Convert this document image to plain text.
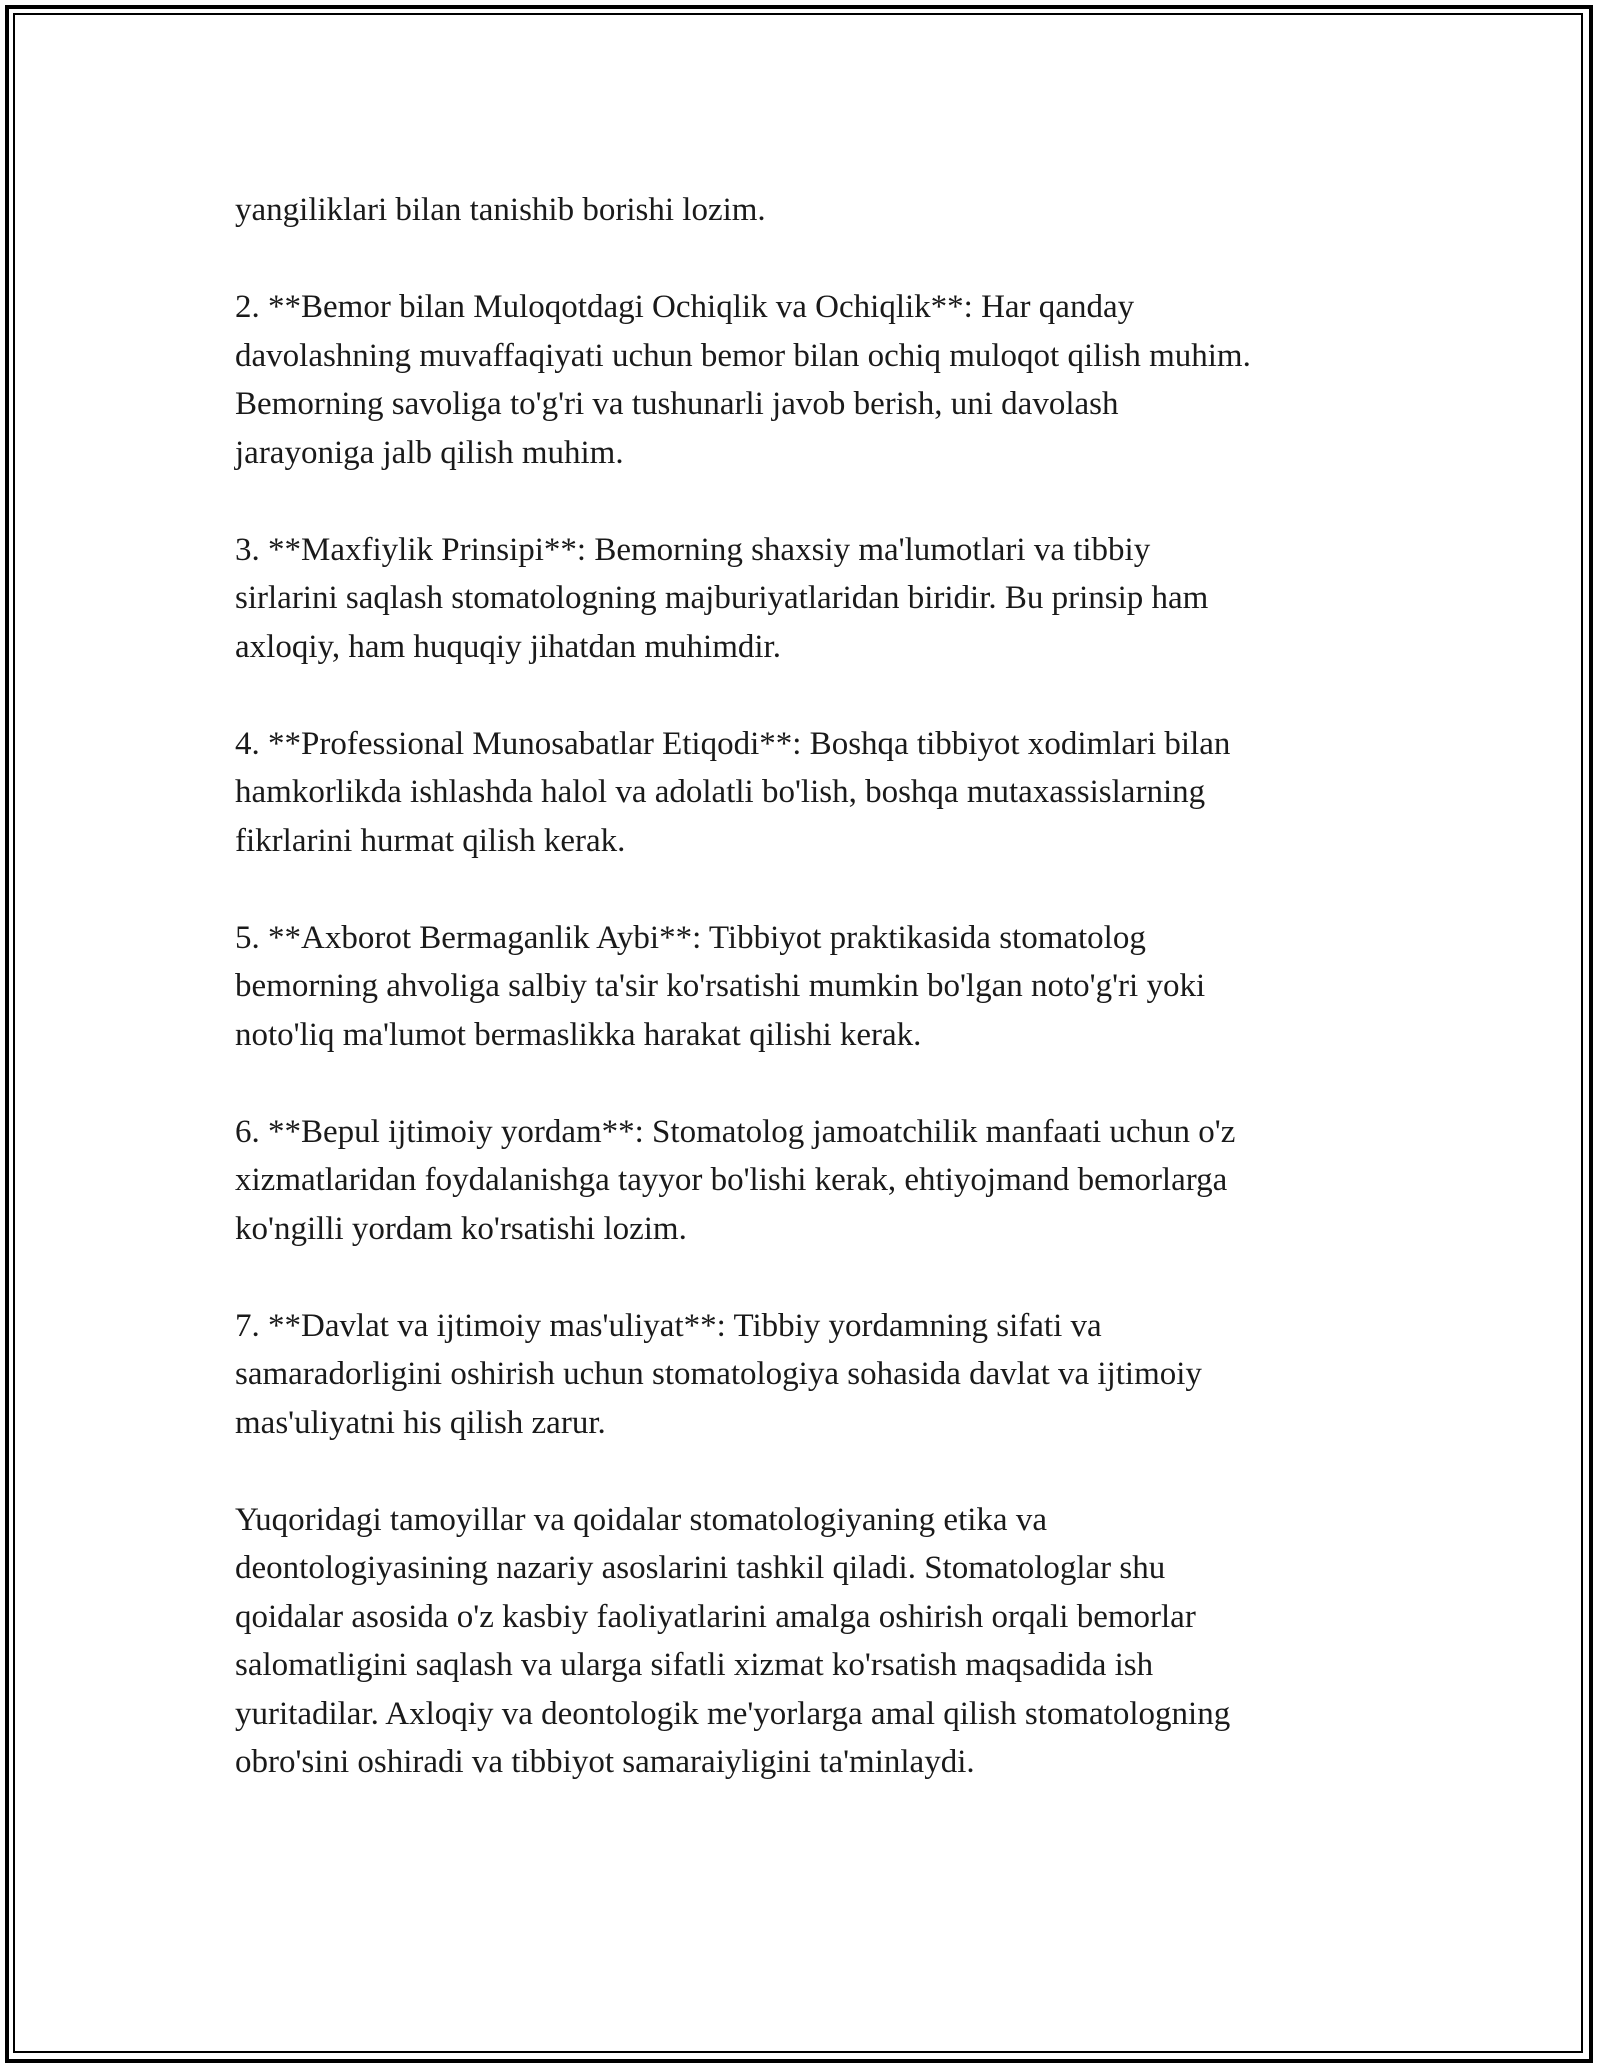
yangiliklari bilan tanishib borishi lozim.

2. **Bemor bilan Muloqotdagi Ochiqlik va Ochiqlik**: Har qanday
davolashning muvaffaqiyati uchun bemor bilan ochiq muloqot qilish muhim.
Bemorning savoliga to'g'ri va tushunarli javob berish, uni davolash
jarayoniga jalb qilish muhim.

3. **Maxfiylik Prinsipi**: Bemorning shaxsiy ma'lumotlari va tibbiy
sirlarini saqlash stomatologning majburiyatlaridan biridir. Bu prinsip ham
axloqiy, ham huquqiy jihatdan muhimdir.

4. **Professional Munosabatlar Etiqodi**: Boshqa tibbiyot xodimlari bilan
hamkorlikda ishlashda halol va adolatli bo'lish, boshqa mutaxassislarning
fikrlarini hurmat qilish kerak.

5. **Axborot Bermaganlik Aybi**: Tibbiyot praktikasida stomatolog
bemorning ahvoliga salbiy ta'sir ko'rsatishi mumkin bo'lgan noto'g'ri yoki
noto'liq ma'lumot bermaslikka harakat qilishi kerak.

6. **Bepul ijtimoiy yordam**: Stomatolog jamoatchilik manfaati uchun o'z
xizmatlaridan foydalanishga tayyor bo'lishi kerak, ehtiyojmand bemorlarga
ko'ngilli yordam ko'rsatishi lozim.

7. **Davlat va ijtimoiy mas'uliyat**: Tibbiy yordamning sifati va
samaradorligini oshirish uchun stomatologiya sohasida davlat va ijtimoiy
mas'uliyatni his qilish zarur.

Yuqoridagi tamoyillar va qoidalar stomatologiyaning etika va
deontologiyasining nazariy asoslarini tashkil qiladi. Stomatologlar shu
qoidalar asosida o'z kasbiy faoliyatlarini amalga oshirish orqali bemorlar
salomatligini saqlash va ularga sifatli xizmat ko'rsatish maqsadida ish
yuritadilar. Axloqiy va deontologik me'yorlarga amal qilish stomatologning
obro'sini oshiradi va tibbiyot samaraiyligini ta'minlaydi.
